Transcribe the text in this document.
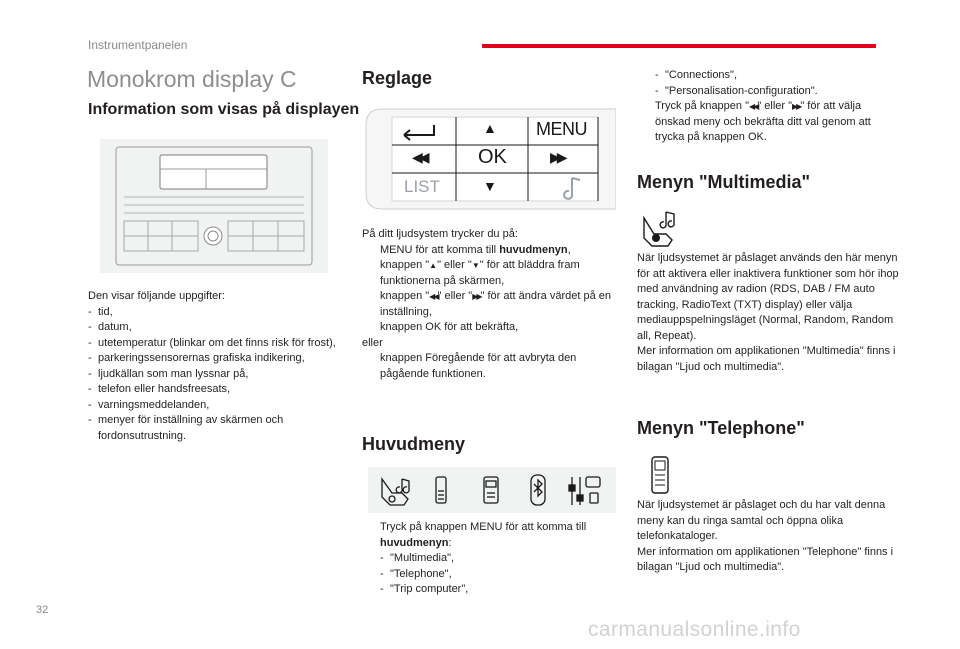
Instrumentpanelen
Monokrom display C
Information som visas på displayen

Den visar följande uppgifter:

- tid,
- datum,
- utetemperatur (blinkar om det finns risk för frost),
- parkeringssensorernas grafiska indikering,
- ljudkällan som man lyssnar på,
- telefon eller handsfreesats,
- varningsmeddelanden,
- menyer för inställning av skärmen och fordonsutrustning.
Reglage
▲ MENU
◀◀	OK	▶▶
LIST	▼

På ditt ljudsystem trycker du på:

MENU för att komma till huvudmenyn,
knappen "▲" eller "▼" för att bläddra fram funktionerna på skärmen,
knappen "◀◀" eller "▶▶" för att ändra värdet på en inställning,
knappen OK för att bekräfta,

eller

knappen Föregående för att avbryta den pågående funktionen.
Huvudmeny
Tryck på knappen MENU för att komma till huvudmenyn:
- "Multimedia",
- "Telephone",
- "Trip computer",
- "Connections",
- "Personalisation-configuration".
Tryck på knappen "◀◀" eller "▶▶" för att välja önskad meny och bekräfta ditt val genom att trycka på knappen OK.
Menyn "Multimedia"

När ljudsystemet är påslaget används den här menyn för att aktivera eller inaktivera funktioner som hör ihop med användning av radion (RDS, DAB / FM auto tracking, RadioText (TXT) display) eller välja mediauppspelningsläget (Normal, Random, Random all, Repeat).

Mer information om applikationen "Multimedia" finns i bilagan "Ljud och multimedia".

Menyn "Telephone"

När ljudsystemet är påslaget och du har valt denna meny kan du ringa samtal och öppna olika telefonkataloger.

Mer information om applikationen "Telephone" finns i bilagan "Ljud och multimedia".

32
carmanualsonline.info
